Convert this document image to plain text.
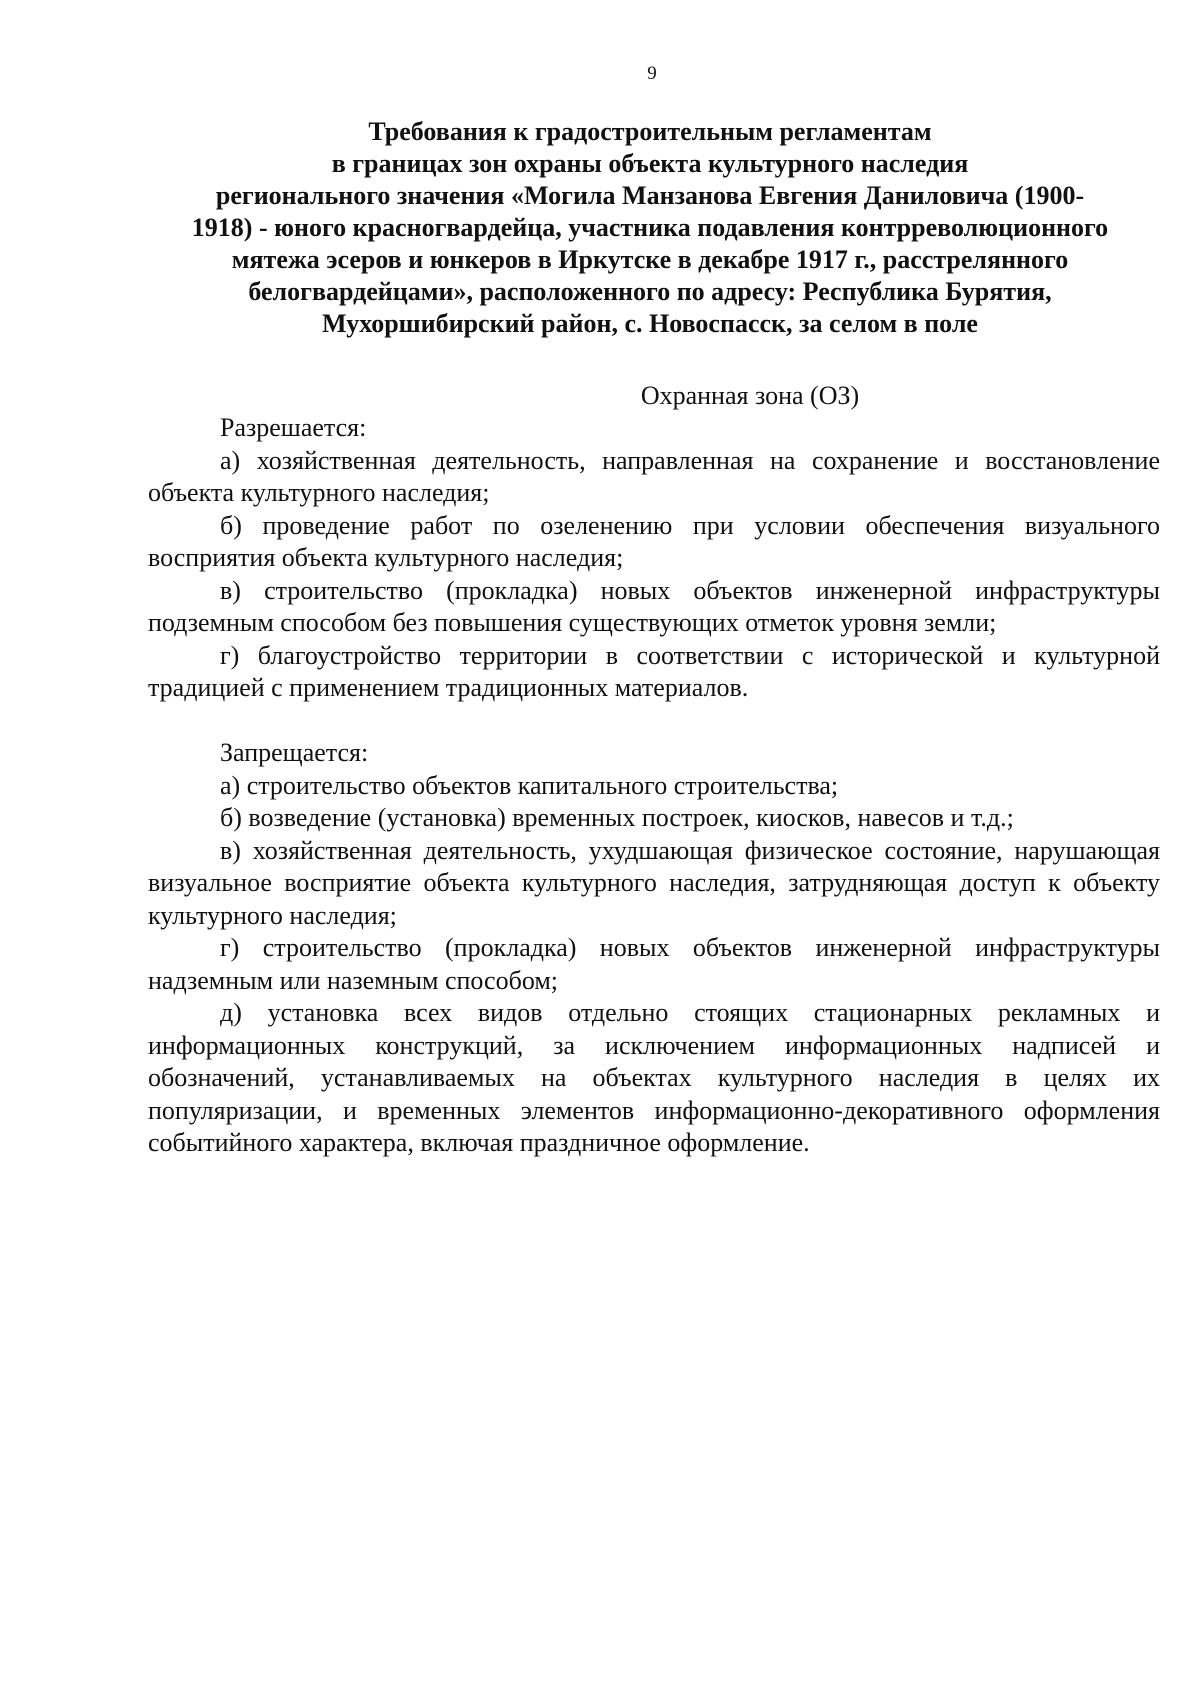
9
Требования к градостроительным регламентам
в границах зон охраны объекта культурного наследия
регионального значения «Могила Манзанова Евгения Даниловича (1900-
1918) - юного красногвардейца, участника подавления контрреволюционного
мятежа эсеров и юнкеров в Иркутске в декабре 1917 г., расстрелянного
белогвардейцами», расположенного по адресу: Республика Бурятия,
Мухоршибирский район, с. Новоспасск, за селом в поле
Охранная зона (ОЗ)
Разрешается:

а) хозяйственная деятельность, направленная на сохранение и восстановление объекта культурного наследия;

б) проведение работ по озеленению при условии обеспечения визуального восприятия объекта культурного наследия;

в) строительство (прокладка) новых объектов инженерной инфраструктуры подземным способом без повышения существующих отметок уровня земли;

г) благоустройство территории в соответствии с исторической и культурной традицией с применением традиционных материалов.

Запрещается:

а) строительство объектов капитального строительства;

б) возведение (установка) временных построек, киосков, навесов и т.д.;

в) хозяйственная деятельность, ухудшающая физическое состояние, нарушающая визуальное восприятие объекта культурного наследия, затрудняющая доступ к объекту культурного наследия;

г) строительство (прокладка) новых объектов инженерной инфраструктуры надземным или наземным способом;

д) установка всех видов отдельно стоящих стационарных рекламных и информационных конструкций, за исключением информационных надписей и обозначений, устанавливаемых на объектах культурного наследия в целях их популяризации, и временных элементов информационно-декоративного оформления событийного характера, включая праздничное оформление.
